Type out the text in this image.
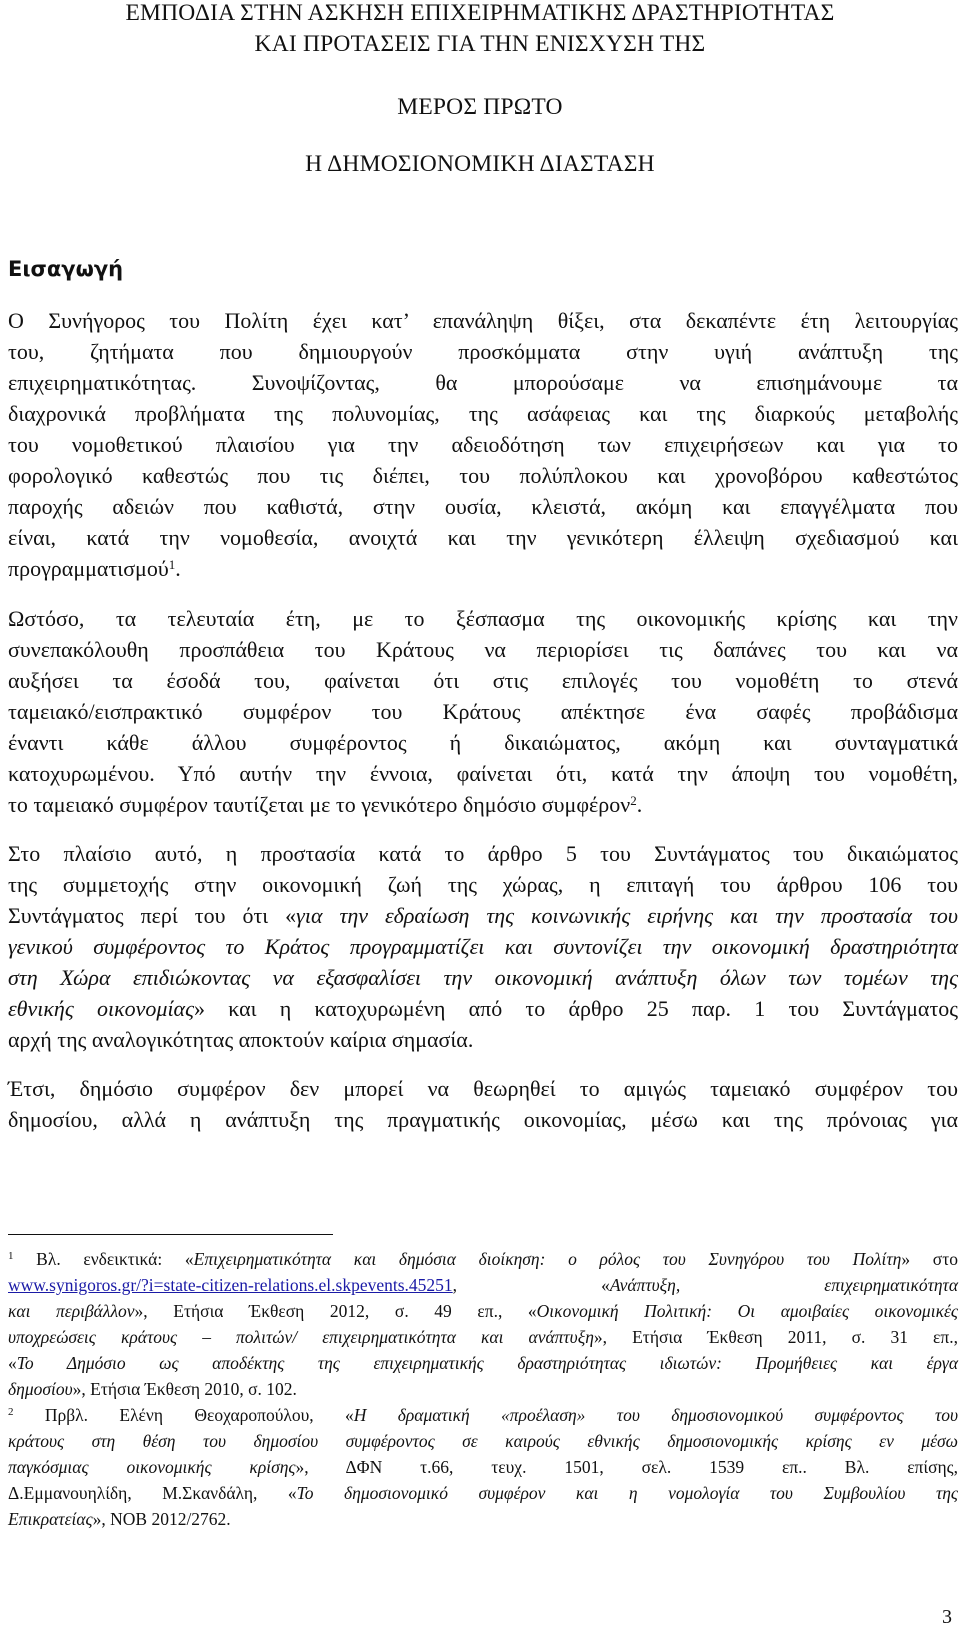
ΕΜΠΟΔΙΑ ΣΤΗΝ ΑΣΚΗΣΗ ΕΠΙΧΕΙΡΗΜΑΤΙΚΗΣ ΔΡΑΣΤΗΡΙΟΤΗΤΑΣ
ΚΑΙ ΠΡΟΤΑΣΕΙΣ ΓΙΑ ΤΗΝ ΕΝΙΣΧΥΣΗ ΤΗΣ
ΜΕΡΟΣ ΠΡΩΤΟ
Η ΔΗΜΟΣΙΟΝΟΜΙΚΗ ΔΙΑΣΤΑΣΗ
Εισαγωγή
Ο Συνήγορος του Πολίτη έχει κατ’ επανάληψη θίξει, στα δεκαπέντε έτη λειτουργίας
του, ζητήματα που δημιουργούν προσκόμματα στην υγιή ανάπτυξη της
επιχειρηματικότητας. Συνοψίζοντας, θα μπορούσαμε να επισημάνουμε τα
διαχρονικά προβλήματα της πολυνομίας, της ασάφειας και της διαρκούς μεταβολής
του νομοθετικού πλαισίου για την αδειοδότηση των επιχειρήσεων και για το
φορολογικό καθεστώς που τις διέπει, του πολύπλοκου και χρονοβόρου καθεστώτος
παροχής αδειών που καθιστά, στην ουσία, κλειστά, ακόμη και επαγγέλματα που
είναι, κατά την νομοθεσία, ανοιχτά και την γενικότερη έλλειψη σχεδιασμού και
προγραμματισμού$^1$.
Ωστόσο, τα τελευταία έτη, με το ξέσπασμα της οικονομικής κρίσης και την
συνεπακόλουθη προσπάθεια του Κράτους να περιορίσει τις δαπάνες του και να
αυξήσει τα έσοδά του, φαίνεται ότι στις επιλογές του νομοθέτη το στενά
ταμειακό/εισπρακτικό συμφέρον του Κράτους απέκτησε ένα σαφές προβάδισμα
έναντι κάθε άλλου συμφέροντος ή δικαιώματος, ακόμη και συνταγματικά
κατοχυρωμένου. Υπό αυτήν την έννοια, φαίνεται ότι, κατά την άποψη του νομοθέτη,
το ταμειακό συμφέρον ταυτίζεται με το γενικότερο δημόσιο συμφέρον$^2$.
Στο πλαίσιο αυτό, η προστασία κατά το άρθρο 5 του Συντάγματος του δικαιώματος
της συμμετοχής στην οικονομική ζωή της χώρας, η επιταγή του άρθρου 106 του
Συντάγματος περί του ότι «για την εδραίωση της κοινωνικής ειρήνης και την προστασία του
γενικού συμφέροντος το Κράτος προγραμματίζει και συντονίζει την οικονομική δραστηριότητα
στη Χώρα επιδιώκοντας να εξασφαλίσει την οικονομική ανάπτυξη όλων των τομέων της
εθνικής οικονομίας» και η κατοχυρωμένη από το άρθρο 25 παρ. 1 του Συντάγματος
αρχή της αναλογικότητας αποκτούν καίρια σημασία.
Έτσι, δημόσιο συμφέρον δεν μπορεί να θεωρηθεί το αμιγώς ταμειακό συμφέρον του
δημοσίου, αλλά η ανάπτυξη της πραγματικής οικονομίας, μέσω και της πρόνοιας για
$^1$ Βλ. ενδεικτικά: «Επιχειρηματικότητα και δημόσια διοίκηση: ο ρόλος του Συνηγόρου του Πολίτη» στο
www.synigoros.gr/?i=state-citizen-relations.el.skpevents.45251, «Ανάπτυξη, επιχειρηματικότητα
και περιβάλλον», Ετήσια Έκθεση 2012, σ. 49 επ., «Οικονομική Πολιτική: Οι αμοιβαίες οικονομικές
υποχρεώσεις κράτους – πολιτών/ επιχειρηματικότητα και ανάπτυξη», Ετήσια Έκθεση 2011, σ. 31 επ.,
«Το Δημόσιο ως αποδέκτης της επιχειρηματικής δραστηριότητας ιδιωτών: Προμήθειες και έργα
δημοσίου», Ετήσια Έκθεση 2010, σ. 102.
$^2$ Πρβλ. Ελένη Θεοχαροπούλου, «Η δραματική «προέλαση» του δημοσιονομικού συμφέροντος του
κράτους στη θέση του δημοσίου συμφέροντος σε καιρούς εθνικής δημοσιονομικής κρίσης εν μέσω
παγκόσμιας οικονομικής κρίσης», ΔΦΝ τ.66, τευχ. 1501, σελ. 1539 επ.. Βλ. επίσης,
Δ.Εμμανουηλίδη, Μ.Σκανδάλη, «Το δημοσιονομικό συμφέρον και η νομολογία του Συμβουλίου της
Επικρατείας», ΝΟΒ 2012/2762.
3
